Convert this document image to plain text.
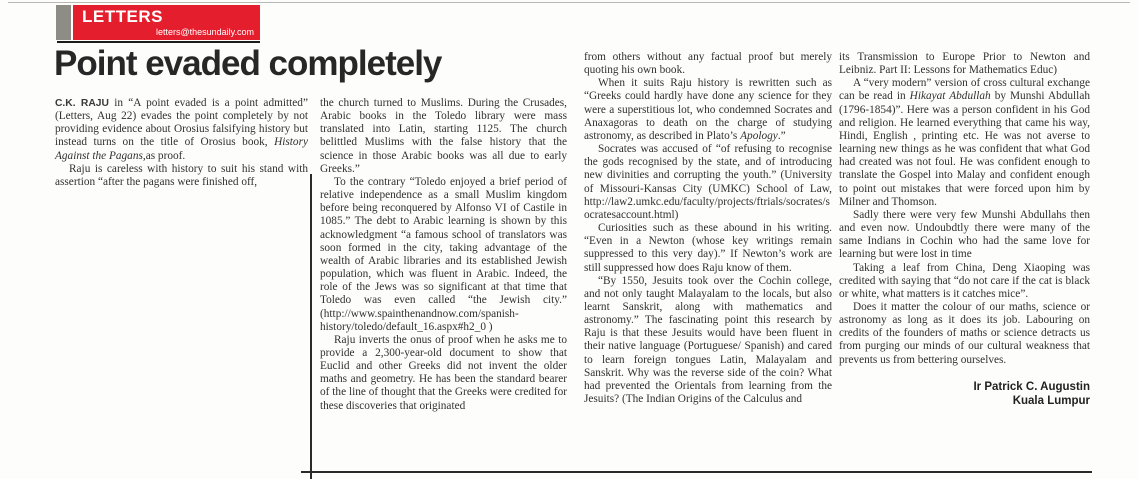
LETTERS
letters@thesundaily.com
Point evaded completely

C.K. RAJU in “A point evaded is a point admitted” (Letters, Aug 22) evades the point completely by not providing evidence about Orosius falsifying history but instead turns on the title of Orosius book, History Against the Pagans,as proof.

Raju is careless with history to suit his stand with assertion “after the pagans were finished off,

the church turned to Muslims. During the Crusades, Arabic books in the Toledo library were mass translated into Latin, starting 1125. The church belittled Muslims with the false history that the science in those Arabic books was all due to early Greeks.”

To the contrary “Toledo enjoyed a brief period of relative independence as a small Muslim kingdom before being reconquered by Alfonso VI of Castile in 1085.” The debt to Arabic learning is shown by this acknowledgment “a famous school of translators was soon formed in the city, taking advantage of the wealth of Arabic libraries and its established Jewish population, which was fluent in Arabic. Indeed, the role of the Jews was so significant at that time that Toledo was even called “the Jewish city.” (http://www.spainthenandnow.com/spanish-history/toledo/default_16.aspx#h2_0 )

Raju inverts the onus of proof when he asks me to provide a 2,300-year-old document to show that Euclid and other Greeks did not invent the older maths and geometry. He has been the standard bearer of the line of thought that the Greeks were credited for these discoveries that originated

from others without any factual proof but merely quoting his own book.

When it suits Raju history is rewritten such as “Greeks could hardly have done any science for they were a superstitious lot, who condemned Socrates and Anaxagoras to death on the charge of studying astronomy, as described in Plato’s Apology.”

Socrates was accused of “of refusing to recognise the gods recognised by the state, and of introducing new divinities and corrupting the youth.” (University of Missouri-Kansas City (UMKC) School of Law, http://law2.umkc.edu/faculty/projects/ftrials/socrates/socratesaccount.html)

Curiosities such as these abound in his writing. “Even in a Newton (whose key writings remain suppressed to this very day).” If Newton’s work are still suppressed how does Raju know of them.

“By 1550, Jesuits took over the Cochin college, and not only taught Malayalam to the locals, but also learnt Sanskrit, along with mathematics and astronomy.” The fascinating point this research by Raju is that these Jesuits would have been fluent in their native language (Portuguese/ Spanish) and cared to learn foreign tongues Latin, Malayalam and Sanskrit. Why was the reverse side of the coin? What had prevented the Orientals from learning from the Jesuits? (The Indian Origins of the Calculus and

its Transmission to Europe Prior to Newton and Leibniz. Part II: Lessons for Mathematics Educ)

A “very modern” version of cross cultural exchange can be read in Hikayat Abdullah by Munshi Abdullah (1796-1854)”. Here was a person confident in his God and religion. He learned everything that came his way, Hindi, English , printing etc. He was not averse to learning new things as he was confident that what God had created was not foul. He was confident enough to translate the Gospel into Malay and confident enough to point out mistakes that were forced upon him by Milner and Thomson.

Sadly there were very few Munshi Abdullahs then and even now. Undoubdtly there were many of the same Indians in Cochin who had the same love for learning but were lost in time

Taking a leaf from China, Deng Xiaoping was credited with saying that “do not care if the cat is black or white, what matters is it catches mice”.

Does it matter the colour of our maths, science or astronomy as long as it does its job. Labouring on credits of the founders of maths or science detracts us from purging our minds of our cultural weakness that prevents us from bettering ourselves.

Ir Patrick C. Augustin
Kuala Lumpur
